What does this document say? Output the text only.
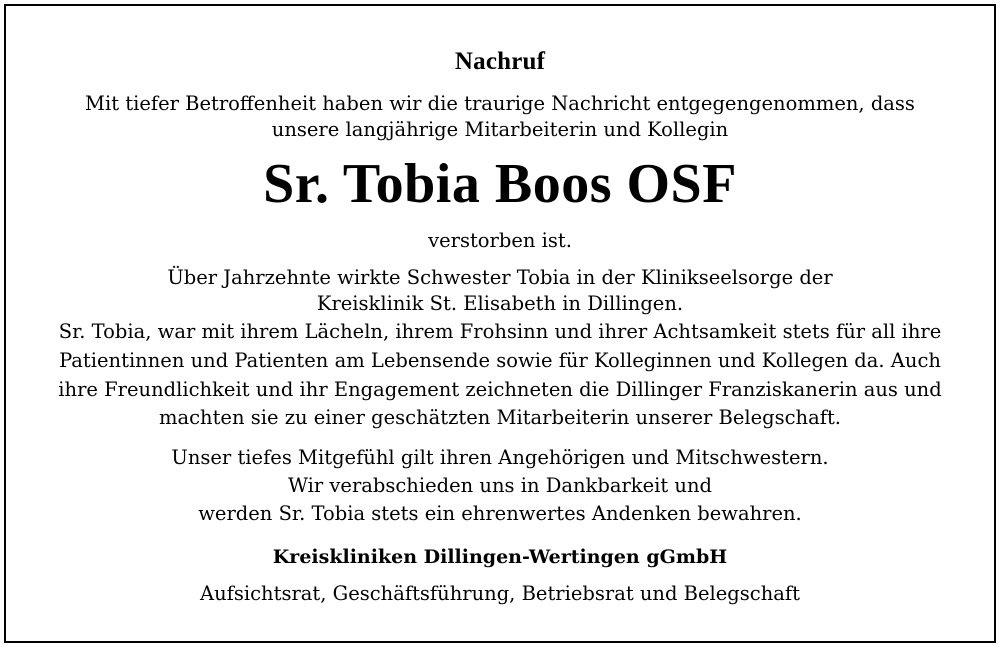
Nachruf
Mit tiefer Betroffenheit haben wir die traurige Nachricht entgegengenommen, dass
unsere langjährige Mitarbeiterin und Kollegin
Sr. Tobia Boos OSF
verstorben ist.
Über Jahrzehnte wirkte Schwester Tobia in der Klinikseelsorge der
Kreisklinik St. Elisabeth in Dillingen.
Sr. Tobia, war mit ihrem Lächeln, ihrem Frohsinn und ihrer Achtsamkeit stets für all ihre
Patientinnen und Patienten am Lebensende sowie für Kolleginnen und Kollegen da. Auch
ihre Freundlichkeit und ihr Engagement zeichneten die Dillinger Franziskanerin aus und
machten sie zu einer geschätzten Mitarbeiterin unserer Belegschaft.
Unser tiefes Mitgefühl gilt ihren Angehörigen und Mitschwestern.
Wir verabschieden uns in Dankbarkeit und
werden Sr. Tobia stets ein ehrenwertes Andenken bewahren.
Kreiskliniken Dillingen-Wertingen gGmbH
Aufsichtsrat, Geschäftsführung, Betriebsrat und Belegschaft
